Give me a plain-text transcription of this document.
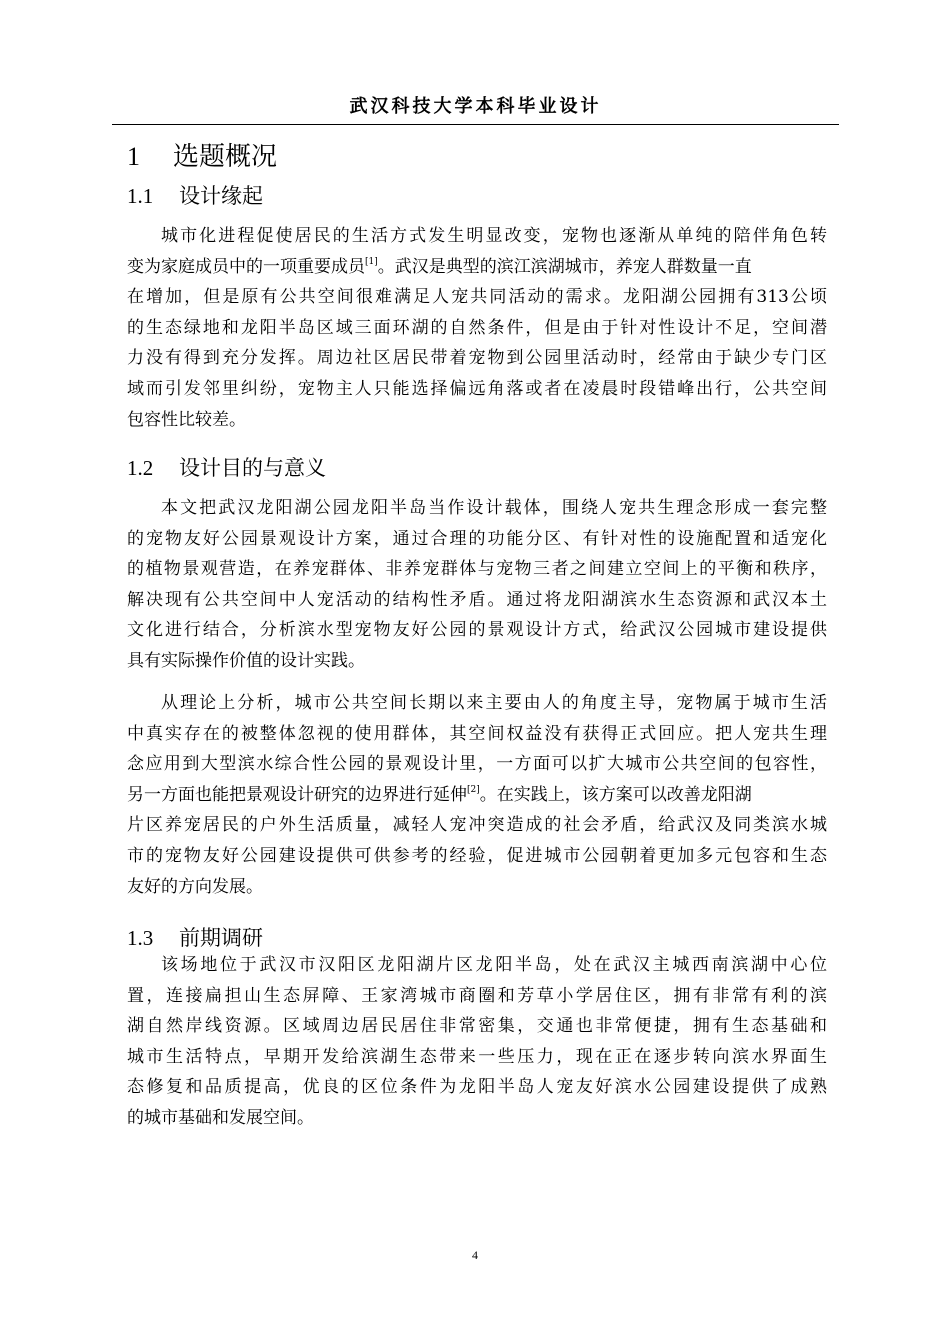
武汉科技大学本科毕业设计
1 选题概况
1.1 设计缘起
城市化进程促使居民的生活方式发生明显改变，宠物也逐渐从单纯的陪伴角色转
变为家庭成员中的一项重要成员[1]。武汉是典型的滨江滨湖城市，养宠人群数量一直
在增加，但是原有公共空间很难满足人宠共同活动的需求。龙阳湖公园拥有313公顷
的生态绿地和龙阳半岛区域三面环湖的自然条件，但是由于针对性设计不足，空间潜
力没有得到充分发挥。周边社区居民带着宠物到公园里活动时，经常由于缺少专门区
域而引发邻里纠纷，宠物主人只能选择偏远角落或者在凌晨时段错峰出行，公共空间
包容性比较差。
1.2 设计目的与意义
本文把武汉龙阳湖公园龙阳半岛当作设计载体，围绕人宠共生理念形成一套完整
的宠物友好公园景观设计方案，通过合理的功能分区、有针对性的设施配置和适宠化
的植物景观营造，在养宠群体、非养宠群体与宠物三者之间建立空间上的平衡和秩序，
解决现有公共空间中人宠活动的结构性矛盾。通过将龙阳湖滨水生态资源和武汉本土
文化进行结合，分析滨水型宠物友好公园的景观设计方式，给武汉公园城市建设提供
具有实际操作价值的设计实践。
从理论上分析，城市公共空间长期以来主要由人的角度主导，宠物属于城市生活
中真实存在的被整体忽视的使用群体，其空间权益没有获得正式回应。把人宠共生理
念应用到大型滨水综合性公园的景观设计里，一方面可以扩大城市公共空间的包容性，
另一方面也能把景观设计研究的边界进行延伸[2]。在实践上，该方案可以改善龙阳湖
片区养宠居民的户外生活质量，减轻人宠冲突造成的社会矛盾，给武汉及同类滨水城
市的宠物友好公园建设提供可供参考的经验，促进城市公园朝着更加多元包容和生态
友好的方向发展。
1.3 前期调研
该场地位于武汉市汉阳区龙阳湖片区龙阳半岛，处在武汉主城西南滨湖中心位
置，连接扁担山生态屏障、王家湾城市商圈和芳草小学居住区，拥有非常有利的滨
湖自然岸线资源。区域周边居民居住非常密集，交通也非常便捷，拥有生态基础和
城市生活特点，早期开发给滨湖生态带来一些压力，现在正在逐步转向滨水界面生
态修复和品质提高，优良的区位条件为龙阳半岛人宠友好滨水公园建设提供了成熟
的城市基础和发展空间。
4
